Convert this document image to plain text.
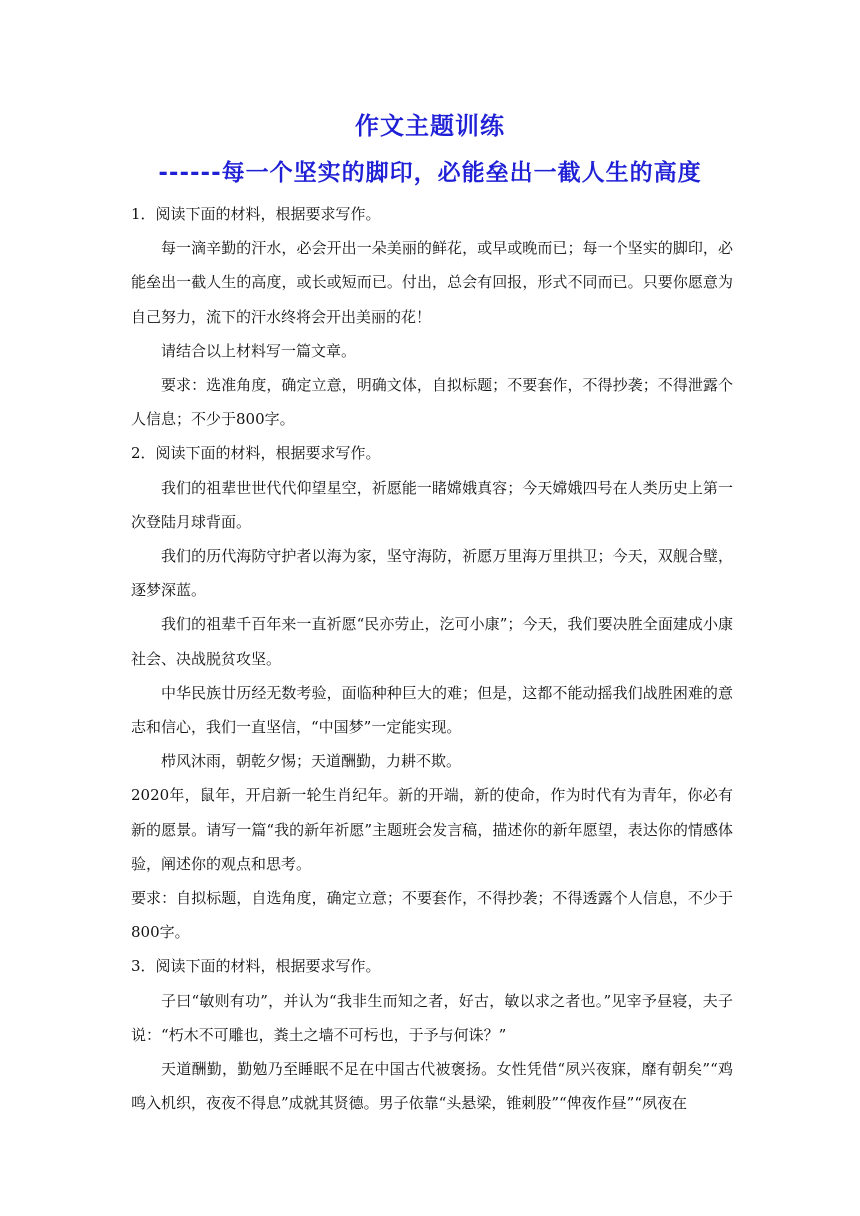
作文主题训练
------每一个坚实的脚印，必能垒出一截人生的高度

1．阅读下面的材料，根据要求写作。

每一滴辛勤的汗水，必会开出一朵美丽的鲜花，或早或晚而已；每一个坚实的脚印，必能垒出一截人生的高度，或长或短而已。付出，总会有回报，形式不同而已。只要你愿意为自己努力，流下的汗水终将会开出美丽的花！

请结合以上材料写一篇文章。

要求：选准角度，确定立意，明确文体，自拟标题；不要套作，不得抄袭；不得泄露个人信息；不少于800字。

2．阅读下面的材料，根据要求写作。

我们的祖辈世世代代仰望星空，祈愿能一睹嫦娥真容；今天嫦娥四号在人类历史上第一次登陆月球背面。

我们的历代海防守护者以海为家，坚守海防，祈愿万里海万里拱卫；今天，双舰合璧，逐梦深蓝。

我们的祖辈千百年来一直祈愿“民亦劳止，汔可小康”；今天，我们要决胜全面建成小康社会、决战脱贫攻坚。

中华民族廿历经无数考验，面临种种巨大的难；但是，这都不能动摇我们战胜困难的意志和信心，我们一直坚信，“中国梦”一定能实现。

栉风沐雨，朝乾夕惕；天道酬勤，力耕不欺。

2020年，鼠年，开启新一轮生肖纪年。新的开端，新的使命，作为时代有为青年，你必有新的愿景。请写一篇“我的新年祈愿”主题班会发言稿，描述你的新年愿望，表达你的情感体验，阐述你的观点和思考。

要求：自拟标题，自选角度，确定立意；不要套作，不得抄袭；不得透露个人信息，不少于800字。

3．阅读下面的材料，根据要求写作。

子曰“敏则有功”，并认为“我非生而知之者，好古，敏以求之者也。”见宰予昼寝，夫子说：“朽木不可雕也，粪土之墙不可杇也，于予与何诛？”

天道酬勤，勤勉乃至睡眠不足在中国古代被褒扬。女性凭借“夙兴夜寐，靡有朝矣”“鸡鸣入机织，夜夜不得息”成就其贤德。男子依靠“头悬梁，锥刺股”“俾夜作昼”“夙夜在
